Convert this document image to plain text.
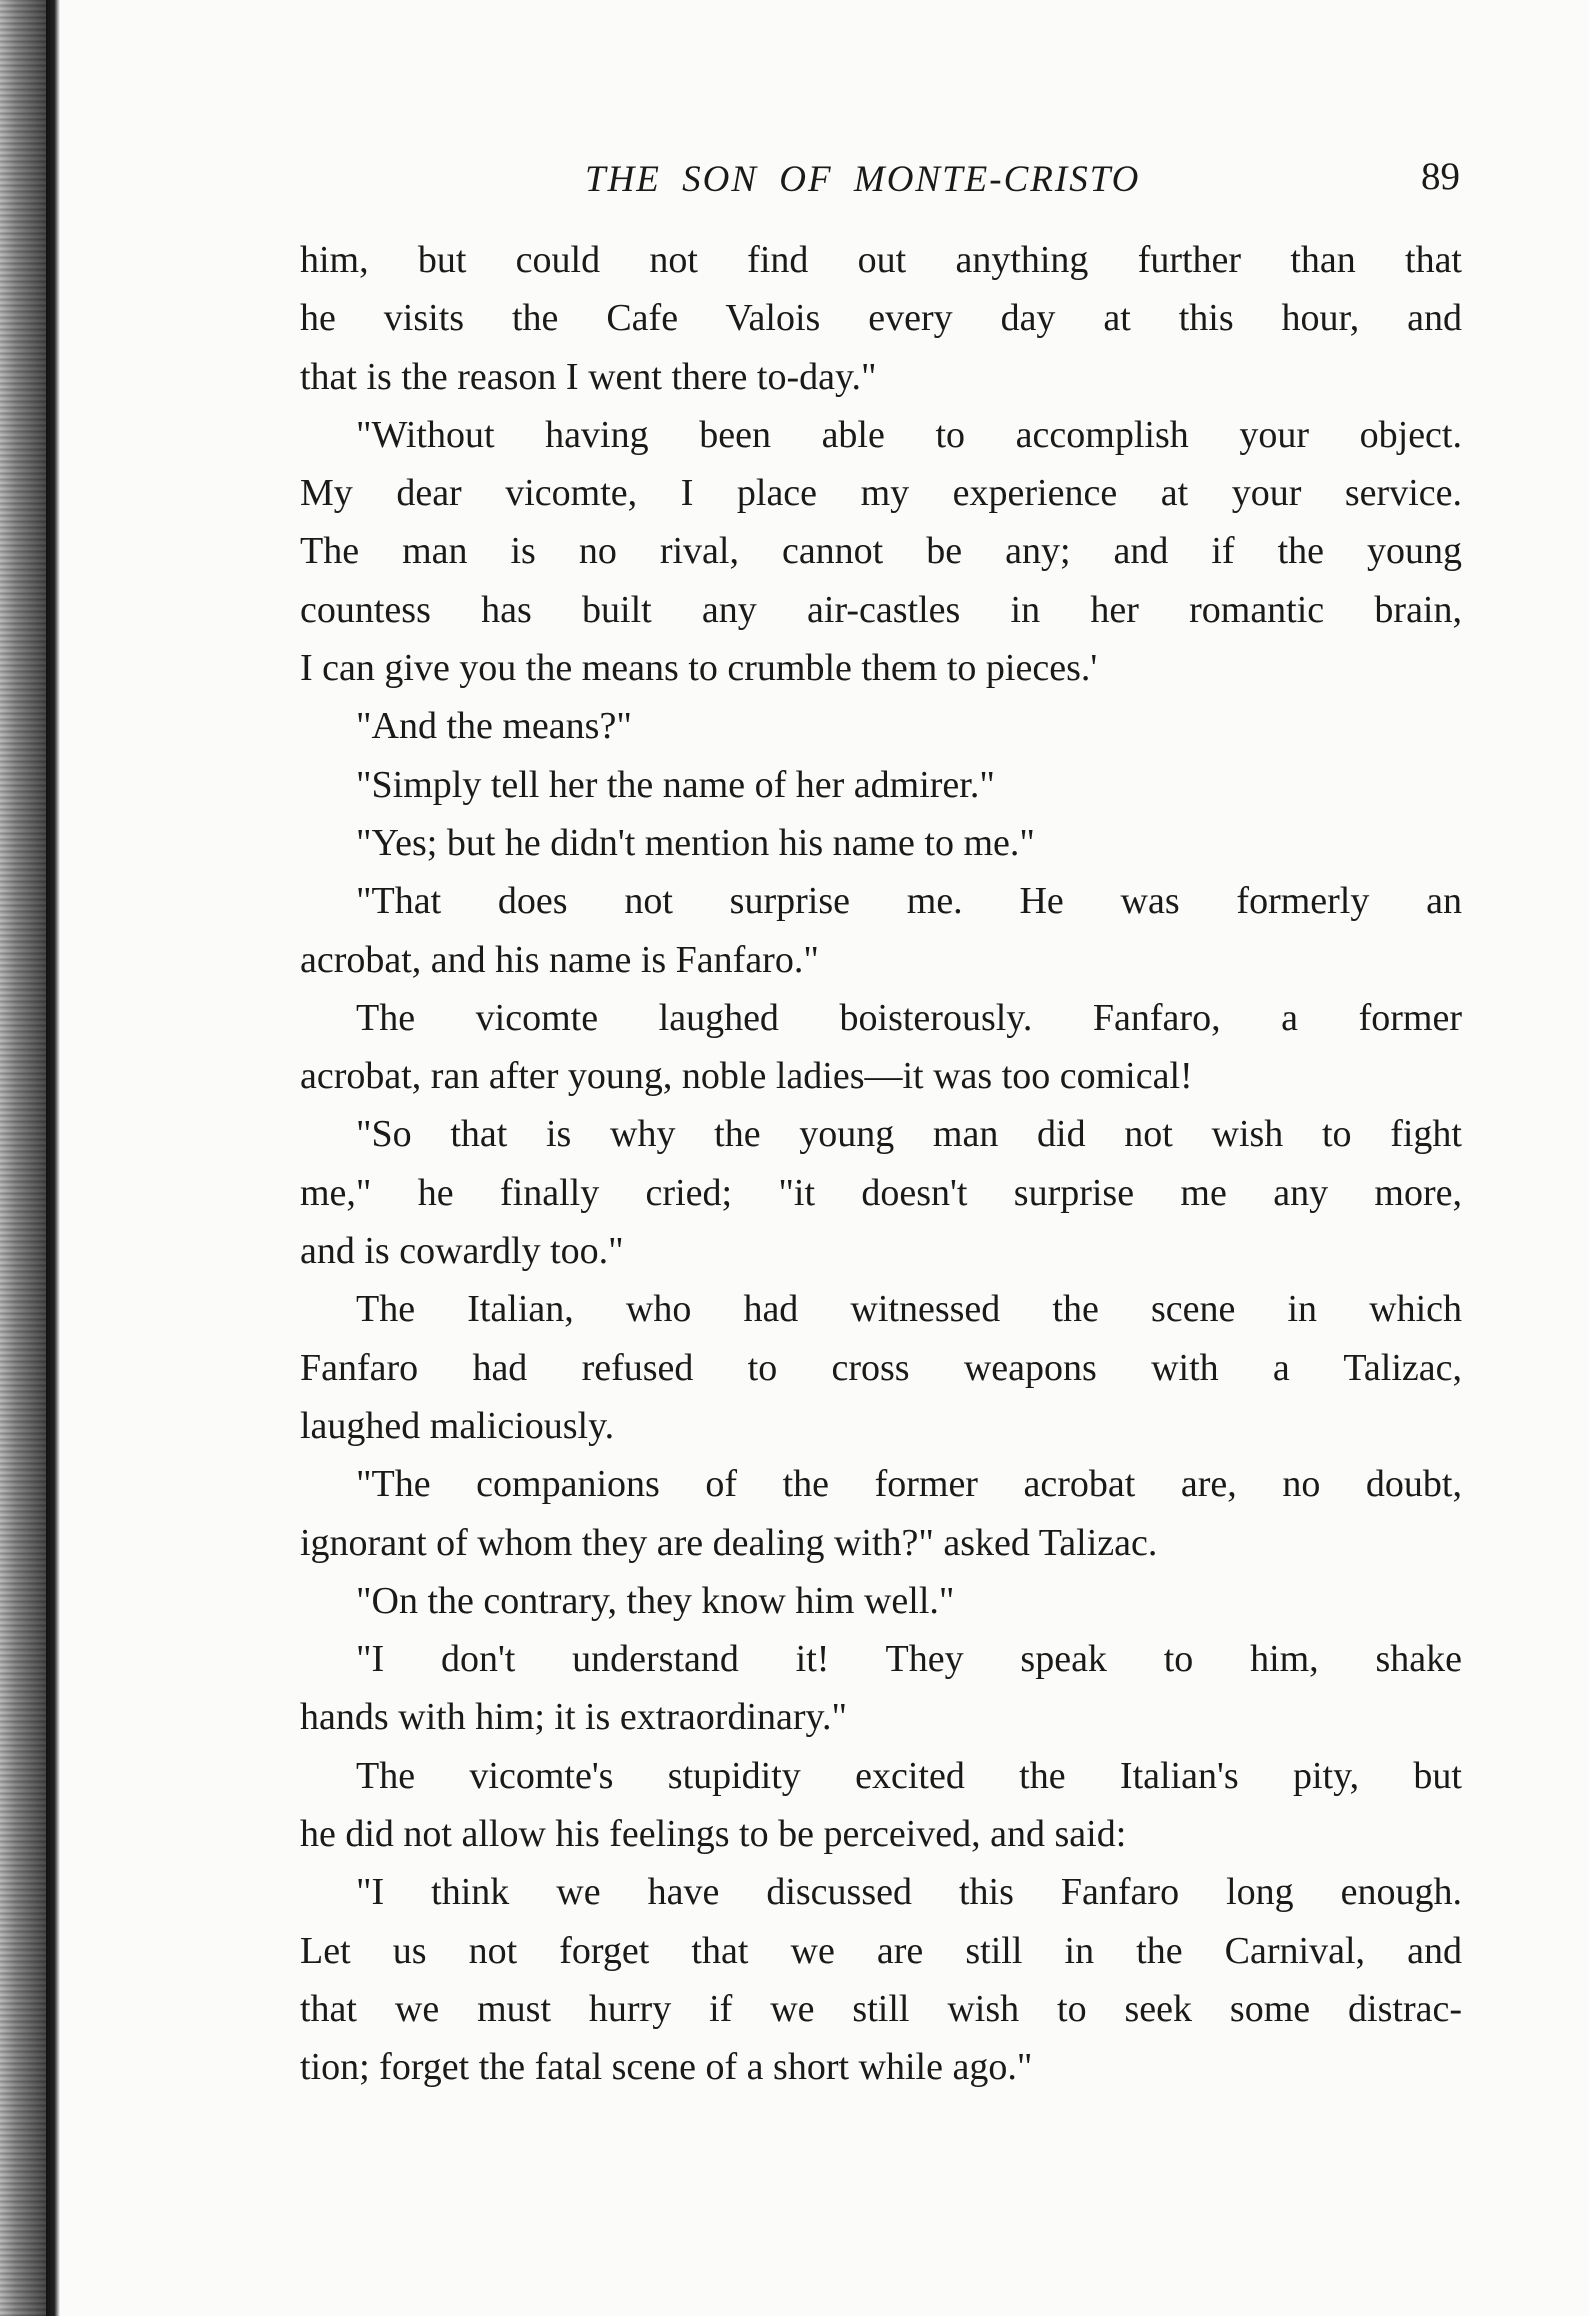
THE SON OF MONTE-CRISTO	89
him, but could not find out anything further than that
he visits the Cafe Valois every day at this hour, and
that is the reason I went there to-day."
"Without having been able to accomplish your object.
My dear vicomte, I place my experience at your service.
The man is no rival, cannot be any; and if the young
countess has built any air-castles in her romantic brain,
I can give you the means to crumble them to pieces.'
"And the means?"
"Simply tell her the name of her admirer."
"Yes; but he didn't mention his name to me."
"That does not surprise me. He was formerly an
acrobat, and his name is Fanfaro."
The vicomte laughed boisterously. Fanfaro, a former
acrobat, ran after young, noble ladies—it was too comical!
"So that is why the young man did not wish to fight
me," he finally cried; "it doesn't surprise me any more,
and is cowardly too."
The Italian, who had witnessed the scene in which
Fanfaro had refused to cross weapons with a Talizac,
laughed maliciously.
"The companions of the former acrobat are, no doubt,
ignorant of whom they are dealing with?" asked Talizac.
"On the contrary, they know him well."
"I don't understand it! They speak to him, shake
hands with him; it is extraordinary."
The vicomte's stupidity excited the Italian's pity, but
he did not allow his feelings to be perceived, and said:
"I think we have discussed this Fanfaro long enough.
Let us not forget that we are still in the Carnival, and
that we must hurry if we still wish to seek some distrac-
tion; forget the fatal scene of a short while ago."
